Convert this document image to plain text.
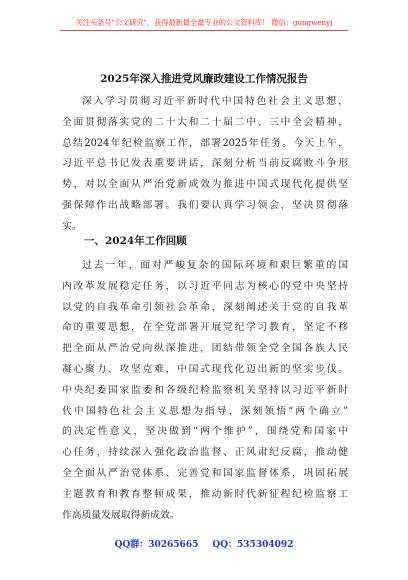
关注头条号"公文研究"，获得最新最全最专业的公文资料库！ 微信：gongwenyj
2025年深入推进党风廉政建设工作情况报告
深入学习贯彻习近平新时代中国特色社会主义思想，
全面贯彻落实党的二十大和二十届二中、三中全会精神，
总结2024年纪检监察工作，部署2025年任务。今天上午，
习近平总书记发表重要讲话，深刻分析当前反腐败斗争形
势，对以全面从严治党新成效为推进中国式现代化提供坚
强保障作出战略部署。我们要认真学习领会，坚决贯彻落
实。
一、2024年工作回顾
过去一年，面对严峻复杂的国际环境和艰巨繁重的国
内改革发展稳定任务，以习近平同志为核心的党中央坚持
以党的自我革命引领社会革命，深刻阐述关于党的自我革
命的重要思想，在全党部署开展党纪学习教育，坚定不移
把全面从严治党向纵深推进，团结带领全党全国各族人民
凝心聚力、攻坚克难，中国式现代化迈出新的坚实步伐。
中央纪委国家监委和各级纪检监察机关坚持以习近平新时
代中国特色社会主义思想为指导，深刻领悟“两个确立”
的决定性意义，坚决做到“两个维护”，围绕党和国家中
心任务，持续深入强化政治监督、正风肃纪反腐，推动健
全全面从严治党体系、完善党和国家监督体系，巩固拓展
主题教育和教育整顿成果，推动新时代新征程纪检监察工
作高质量发展取得新成效。
QQ群：30265665 QQ：535304092
